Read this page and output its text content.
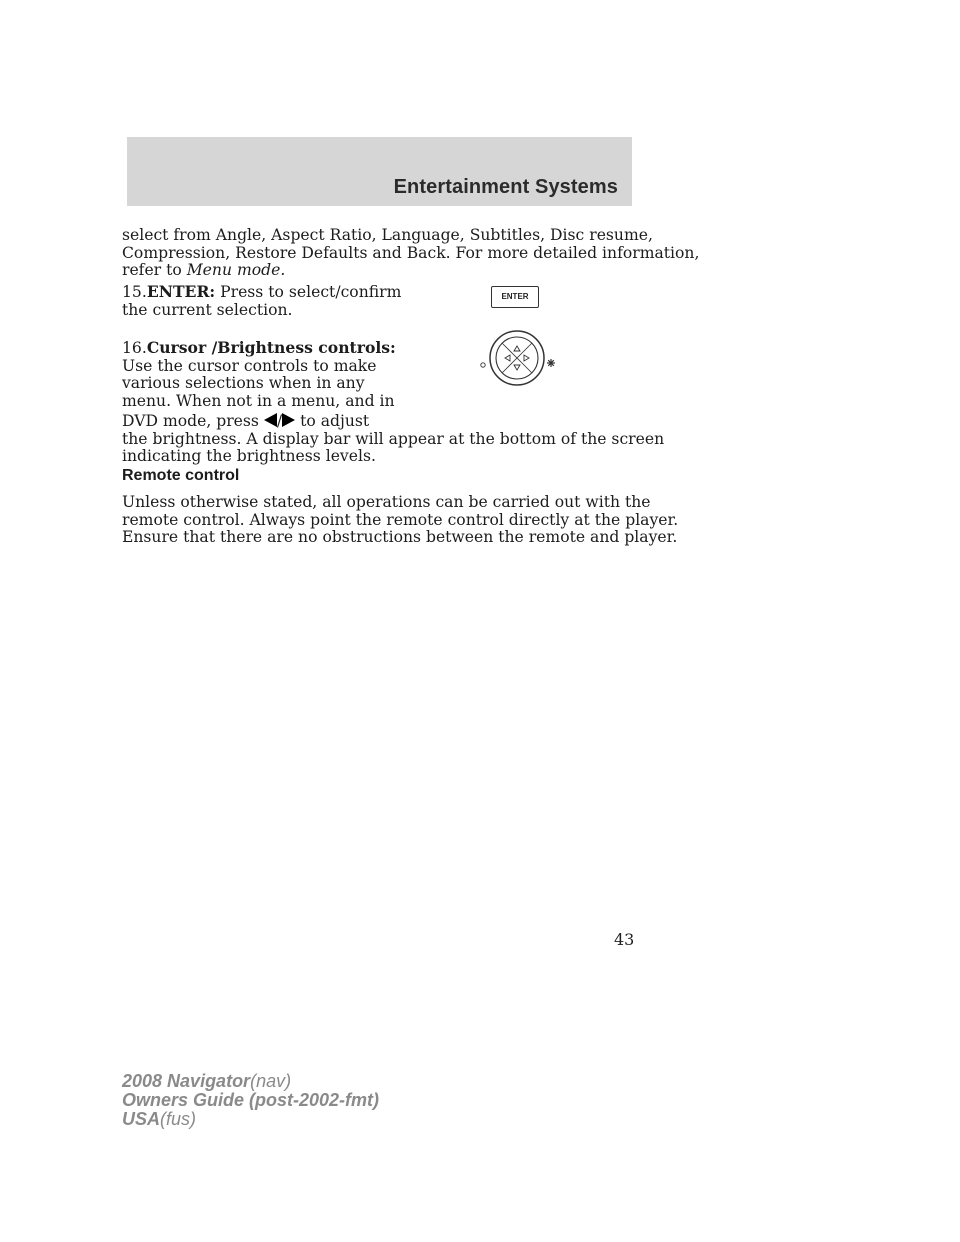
Entertainment Systems

select from Angle, Aspect Ratio, Language, Subtitles, Disc resume,

Compression, Restore Defaults and Back. For more detailed information,

refer to Menu mode.

15.ENTER: Press to select/confirm

the current selection.

ENTER

16.Cursor /Brightness controls:

Use the cursor controls to make

various selections when in any

menu. When not in a menu, and in

DVD mode, press / to adjust

the brightness. A display bar will appear at the bottom of the screen

indicating the brightness levels.

Remote control

Unless otherwise stated, all operations can be carried out with the

remote control. Always point the remote control directly at the player.

Ensure that there are no obstructions between the remote and player.

43
2008 Navigator(nav)
Owners Guide (post-2002-fmt)
USA(fus)
